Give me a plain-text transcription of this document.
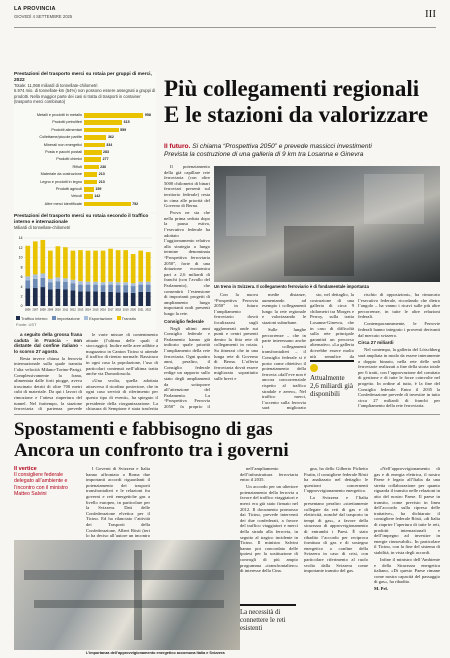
LA PROVINCIA
GIOVEDÌ 4 SETTEMBRE 2025	III
Prestazioni del trasporto merci su rotaia per gruppi di merci, 2022
Totale: 11,068 miliardi di tonnellate-chilometri
5.974 mio. di tonnellate-km (54%) non possono essere assegnati a gruppi di prodotti. Nella maggior parte dei casi si tratta di trasporti in container (trasporto merci combinato)
Metalli e prodotti in metallo	958
Prodotti petroliferi	615
Prodotti alimentari	559
Collettame/piccole partite	362
Minerali non energetici	334
Posta e pacchi postali	283
Prodotti chimici	277
Rifiuti	236
Materiale da costruzione	213
Legno e prodotti in legno	213
Prodotti agricoli	159
Veicoli	142
Altre merci identificate	752
Prestazioni del trasporto merci su rotaia secondo il traffico interno e internazionale
Miliardi di tonnellate-chilometri
0
2
4
6
8
10
12
14
2006 2007 2008 2009 2010 2011 2012 2013 2014 2015 2016 2017 2018 2019 2020 2021 2022
Traffico interno Importazione Esportazione Transito
Fonte: UST
Più collegamenti regionali
E le stazioni da valorizzare
Il futuro. Si chiama “Prospettiva 2050” e prevede massicci investimenti
Prevista la costruzione di una galleria di 9 km tra Losanna e Ginevra

Il potenziamento della già capillare rete ferroviaria (con oltre 5000 chilometri di binari ferroviari presenti sul territorio federale) resta in cima alle priorità del Governo di Berna.

Prova ne sia che nella prima seduta dopo la pausa estiva, l’esecutivo federale ha adottato l’aggiornamento relativo alla strategia a lungo termine denominata “Prospettiva ferroviaria 2050”, forte di una dotazione economica pari a 2,6 miliardi di franchi (con l’avallo del Parlamento), che consentirà l’estensione di importanti progetti di ampliamento lungo importanti nodi presenti lungo la rete.

Consiglio federale

Negli ultimi anni Consiglio federale e Parlamento hanno già indicato quale priorità l’ampliamento della rete ferroviaria. Ogni quattro anni, peraltro, il Consiglio federale redige un rapporto sullo stato degli ampliamenti da sottoporre all’attenzione del Parlamento. La “Prospettiva Ferrovia 2050” fa proprio il

Un treno in Svizzera. Il collegamento ferroviario è di fondamentale importanza

Con la nuova “Prospettiva Ferrovia 2050” in futuro l’ampliamento ferroviario dovrà focalizzarsi sugli agglomerati onde sui punti e centri presenti dentro la fitta rete di collegamenti in rotaia. Su itinerari che in una lunga rete di Governo di Berna. L’offerta ferroviaria dovrà essere migliorata soprattutto sulle brevi e

medie distanze, aumentando ad esempio i collegamenti lungo la rete regionale e valorizzando le stazioni suburbane.

Sulle lunghe percorrenze – che in parte interessano anche i collegamenti transfrontalieri – il Consiglio federale si è posto come obiettivo il potenziamento della ferrovia «dall’eve non è ancora concorrenziale rispetto al traffico stradale e aereo». Nel traffico merci, l’accento sulla ferrovia sarà migliorato

sto, nel dettaglio, la costruzione di una galleria di circa 9 chilometri tra Morges e Perroy, sulla tratta Losanna-Ginevra, che in caso di difficoltà sulla rete principale garantirà un percorso alternativo. «La galleria dovrebbe essere molto più semplice da

Attualmente 2,6 miliardi già disponibili

rischio di opposizioni», ha rimarcato l’esecutivo federale, ricordando che dietro l’angolo – ha vanno i ricavi sulle più altre percorrenze, in tutte le altre relazioni federali.

Contemporaneamente, le Ferrovie federali hanno integrato i proventi derivanti dal mercato svizzero.

Circa 27 miliardi

Nel contempo, la galleria del Lötschberg sarà ampliata in modo da essere interamente a doppio binario, nella rete delle sedi ferroviarie realizzati a fine della storia totale per 6 tratti, con l’approvazione del comitato di gestione e di tutte le forze coinvolte nel progetto. In ordine al tutto, è la fine del Consiglio federale. Entro il 2035 la Confederazione prevede di investire in tutto circa 27 miliardi di franchi per l’ampliamento della rete ferroviaria.

a seguito della grossa frana caduta in Francia - non distante dal confine italiano - lo scorso 27 agosto.

Resta invece chiusa la ferrovia internazionale sulla quale transita l’alta velocità Milano-Torino-Parigi. Complessivamente la frana, alimentata dalle forti piogge, aveva trascinato detriti di oltre 700 metri cubi di materiale. Da qui i lavori di rimozione e l’attesa riapertura del tunnel. Nel frattempo, la stazione ferroviaria di partenza prevede

le varie misure di contenimento attuate (l’ultima delle quali il stoccaggio). Inoltre nelle aree adibite a magazzino in Canton Ticino si attende il traffico di rientro normale. Rassicura in ogni caso la popolazione, l’uso di particolari contenuti nell’ultima tratta anche via Domodossola.

«Una svolta, quella adottata attraverso il riordino posteriore, che in ogni caso servirà di riferimento per questo tipo di eventi», ha spiegato il presidente della riorganizzazione. La chiusura di Sempione è stata trasferita

Spostamenti e fabbisogno di gas
Ancora un confronto tra i governi
Il vertice
Il consigliere federale delegato all’ambiente e l’incontro con il ministro Matteo Salvini

I Governi di Svizzera e Italia hanno affrontato a Roma due importanti accordi riguardanti il potenziamento dei trasporti transfrontalieri e le relazioni fra governi e reti energetiche gas a livello europeo, in particolare per la Svizzera. Dati delle Confederazione elvetica per il Ticino. Ed ha rilanciato l’attività dei Trasporti della Confederazione, Albert Rösti (ieri lo ha deciso all’autore un incontro

L’importanza dell’approvvigionamento energetico accomuna Italia e Svizzera

nell’ampliamento dell’infrastruttura ferroviaria entro il 2035.

Un accordo per un ulteriore potenziamento della ferrovia a favore del traffico viaggiatori e merci era già stato firmato nel 2012. Il documento promosso dai Ticino, prevede interventi dei due confederati, a favore del traffico viaggiatori e merci della strada alla ferrovia, in seguito al tragico incidente in Ticino. Il ministro Salvini hanno poi concordato delle ipotesi per la sostituzione di convogli di più ampio programma «transfrontaliero» di interesse della Cina.

La necessità di connettere le reti esistenti

gna, ha dello Gilberto Pichetto Fratin, il consigliere federale Rösti ha analizzato nel dettaglio le questioni concernenti l’approvvigionamento energetico.

La Svizzera e l’Italia presentano peraltro «strettamente collegate da reti di gas e di elettricità, nonché dal trasporto in tempi di gas», a favore della sicurezza di approvvigionamento di entrambi i Paesi. È stato ribadito l’accordo per reciproca fornitura di gas e di sostegno energetico a confine della Svizzera in caso di crisi, con particolare riferimento al ruolo svolto dalla Svizzera come importante transito del gas.

«Nell’approvvigionamento di gas e di energia elettrica, il nostro Paese è legato all’Italia da una stretta collaborazione per quanto riguarda il transito nelle relazioni in atto del nostro Paese. Il paese in transito, come previsto in linea dell’accordo sulla ripresa delle trattative», ha dichiarato il consigliere federale Rösti, «di Italia di riaprire l’apertura di tutte le reti, prodotti internazionali e dell’impegno ad investire in energie rinnovabili». In particolare il Ticino, con la fine del sistema di stabilità, in vista degli accordi.

Infine il ministro dell’Ambiente e della Sicurezza energetica italiano, «Di questo Paese rimane come nostra capacità del passaggio di gas», ha ribadito.

M. Pel.
